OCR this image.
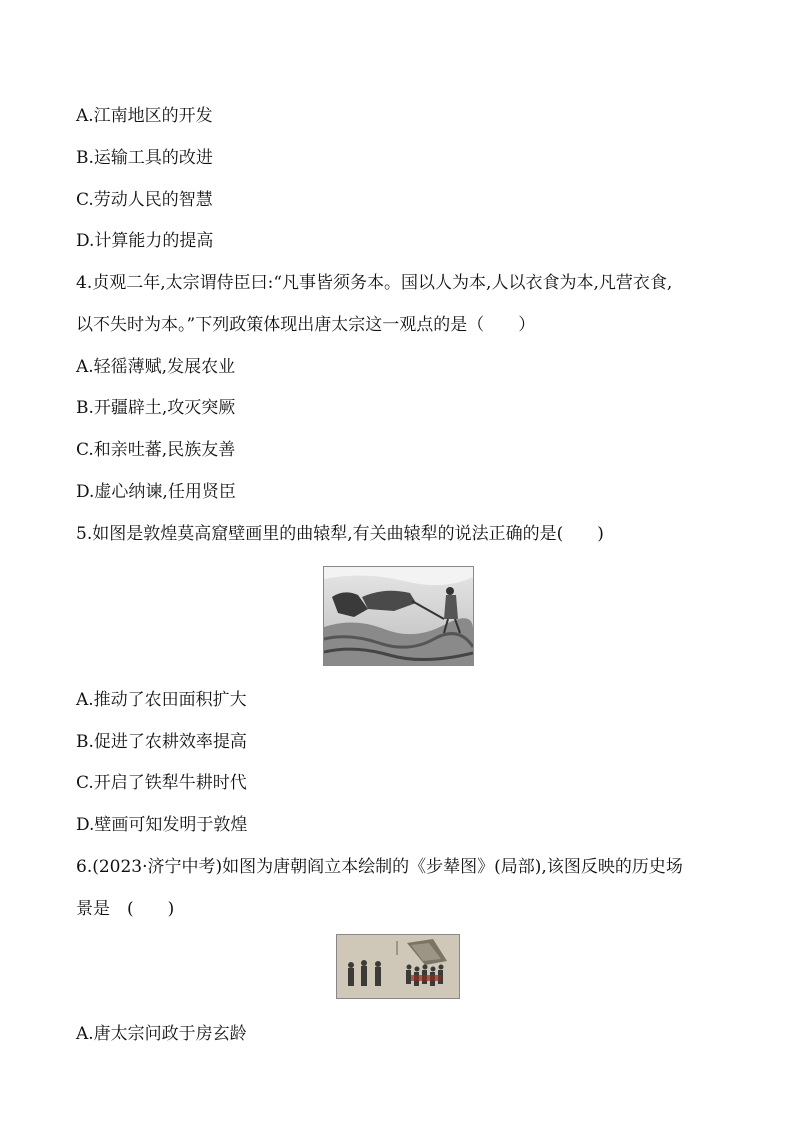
A.江南地区的开发
B.运输工具的改进
C.劳动人民的智慧
D.计算能力的提高
4.贞观二年,太宗谓侍臣曰:“凡事皆须务本。国以人为本,人以衣食为本,凡营衣食,
以不失时为本。”下列政策体现出唐太宗这一观点的是（　　）
A.轻徭薄赋,发展农业
B.开疆辟土,攻灭突厥
C.和亲吐蕃,民族友善
D.虚心纳谏,任用贤臣
5.如图是敦煌莫高窟壁画里的曲辕犁,有关曲辕犁的说法正确的是(　　)
A.推动了农田面积扩大
B.促进了农耕效率提高
C.开启了铁犁牛耕时代
D.壁画可知发明于敦煌
6.(2023·济宁中考)如图为唐朝阎立本绘制的《步辇图》(局部),该图反映的历史场
景是　(　　)
A.唐太宗问政于房玄龄
